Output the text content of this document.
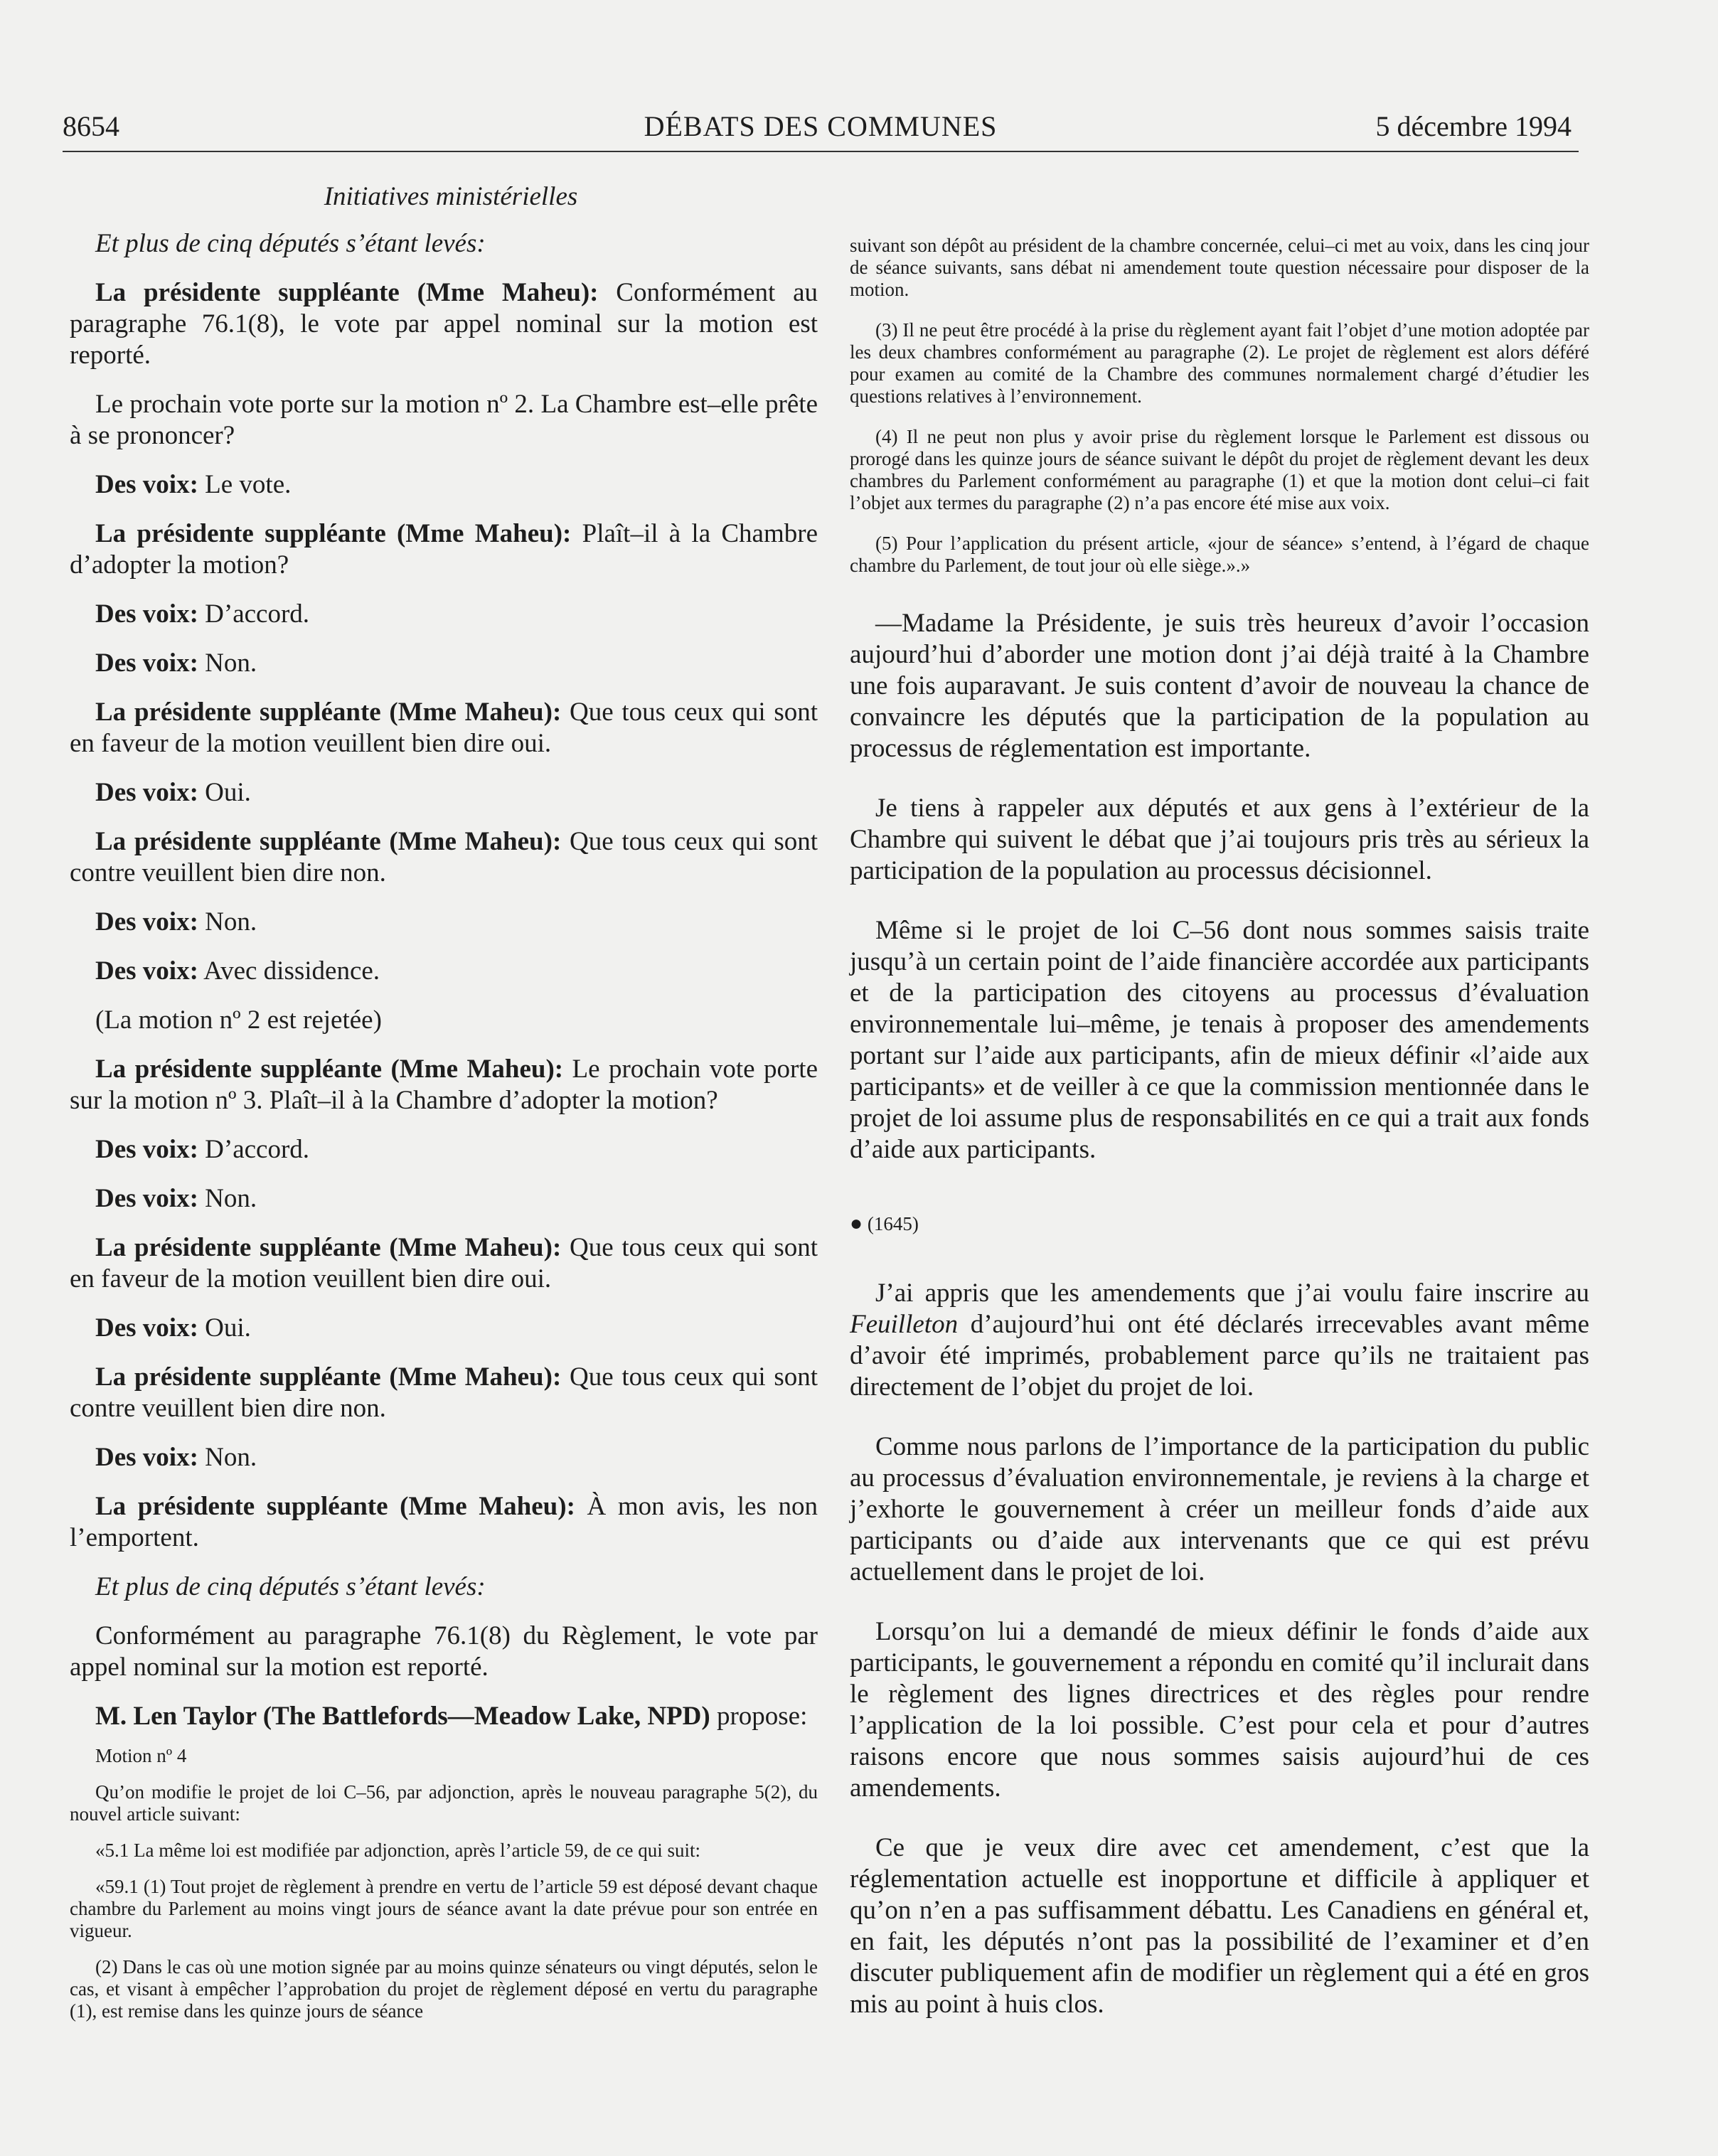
8654	DÉBATS DES COMMUNES	5 décembre 1994

Initiatives ministérielles

Et plus de cinq députés s’étant levés:

La présidente suppléante (Mme Maheu): Conformément au paragraphe 76.1(8), le vote par appel nominal sur la motion est reporté.

Le prochain vote porte sur la motion nº 2. La Chambre est–elle prête à se prononcer?

Des voix: Le vote.

La présidente suppléante (Mme Maheu): Plaît–il à la Chambre d’adopter la motion?

Des voix: D’accord.

Des voix: Non.

La présidente suppléante (Mme Maheu): Que tous ceux qui sont en faveur de la motion veuillent bien dire oui.

Des voix: Oui.

La présidente suppléante (Mme Maheu): Que tous ceux qui sont contre veuillent bien dire non.

Des voix: Non.

Des voix: Avec dissidence.

(La motion nº 2 est rejetée)

La présidente suppléante (Mme Maheu): Le prochain vote porte sur la motion nº 3. Plaît–il à la Chambre d’adopter la motion?

Des voix: D’accord.

Des voix: Non.

La présidente suppléante (Mme Maheu): Que tous ceux qui sont en faveur de la motion veuillent bien dire oui.

Des voix: Oui.

La présidente suppléante (Mme Maheu): Que tous ceux qui sont contre veuillent bien dire non.

Des voix: Non.

La présidente suppléante (Mme Maheu): À mon avis, les non l’emportent.

Et plus de cinq députés s’étant levés:

Conformément au paragraphe 76.1(8) du Règlement, le vote par appel nominal sur la motion est reporté.

M. Len Taylor (The Battlefords—Meadow Lake, NPD) propose:

Motion nº 4

Qu’on modifie le projet de loi C–56, par adjonction, après le nouveau paragraphe 5(2), du nouvel article suivant:

«5.1 La même loi est modifiée par adjonction, après l’article 59, de ce qui suit:

«59.1 (1) Tout projet de règlement à prendre en vertu de l’article 59 est déposé devant chaque chambre du Parlement au moins vingt jours de séance avant la date prévue pour son entrée en vigueur.

(2) Dans le cas où une motion signée par au moins quinze sénateurs ou vingt députés, selon le cas, et visant à empêcher l’approbation du projet de règlement déposé en vertu du paragraphe (1), est remise dans les quinze jours de séance

suivant son dépôt au président de la chambre concernée, celui–ci met au voix, dans les cinq jour de séance suivants, sans débat ni amendement toute question nécessaire pour disposer de la motion.

(3) Il ne peut être procédé à la prise du règlement ayant fait l’objet d’une motion adoptée par les deux chambres conformément au paragraphe (2). Le projet de règlement est alors déféré pour examen au comité de la Chambre des communes normalement chargé d’étudier les questions relatives à l’environnement.

(4) Il ne peut non plus y avoir prise du règlement lorsque le Parlement est dissous ou prorogé dans les quinze jours de séance suivant le dépôt du projet de règlement devant les deux chambres du Parlement conformément au paragraphe (1) et que la motion dont celui–ci fait l’objet aux termes du paragraphe (2) n’a pas encore été mise aux voix.

(5) Pour l’application du présent article, «jour de séance» s’entend, à l’égard de chaque chambre du Parlement, de tout jour où elle siège.».»

—Madame la Présidente, je suis très heureux d’avoir l’occasion aujourd’hui d’aborder une motion dont j’ai déjà traité à la Chambre une fois auparavant. Je suis content d’avoir de nouveau la chance de convaincre les députés que la participation de la population au processus de réglementation est importante.

Je tiens à rappeler aux députés et aux gens à l’extérieur de la Chambre qui suivent le débat que j’ai toujours pris très au sérieux la participation de la population au processus décisionnel.

Même si le projet de loi C–56 dont nous sommes saisis traite jusqu’à un certain point de l’aide financière accordée aux participants et de la participation des citoyens au processus d’évaluation environnementale lui–même, je tenais à proposer des amendements portant sur l’aide aux participants, afin de mieux définir «l’aide aux participants» et de veiller à ce que la commission mentionnée dans le projet de loi assume plus de responsabilités en ce qui a trait aux fonds d’aide aux participants.

● (1645)

J’ai appris que les amendements que j’ai voulu faire inscrire au Feuilleton d’aujourd’hui ont été déclarés irrecevables avant même d’avoir été imprimés, probablement parce qu’ils ne traitaient pas directement de l’objet du projet de loi.

Comme nous parlons de l’importance de la participation du public au processus d’évaluation environnementale, je reviens à la charge et j’exhorte le gouvernement à créer un meilleur fonds d’aide aux participants ou d’aide aux intervenants que ce qui est prévu actuellement dans le projet de loi.

Lorsqu’on lui a demandé de mieux définir le fonds d’aide aux participants, le gouvernement a répondu en comité qu’il inclurait dans le règlement des lignes directrices et des règles pour rendre l’application de la loi possible. C’est pour cela et pour d’autres raisons encore que nous sommes saisis aujourd’hui de ces amendements.

Ce que je veux dire avec cet amendement, c’est que la réglementation actuelle est inopportune et difficile à appliquer et qu’on n’en a pas suffisamment débattu. Les Canadiens en général et, en fait, les députés n’ont pas la possibilité de l’examiner et d’en discuter publiquement afin de modifier un règlement qui a été en gros mis au point à huis clos.
